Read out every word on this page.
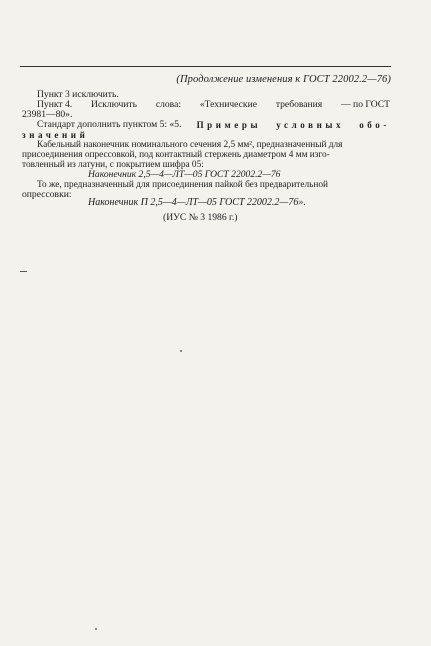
(Продолжение изменения к ГОСТ 22002.2—76)
Пункт 3 исключить.
Пункт 4. Исключить слова: «Технические требования — по ГОСТ
23981—80».
Стандарт дополнить пунктом 5: «5. Примеры условных обо-
значений
Кабельный наконечник номинального сечения 2,5 мм², предназначенный для
присоединения опрессовкой, под контактный стержень диаметром 4 мм изго-
товленный из латуни, с покрытием шифра 05:
Наконечник 2,5—4—ЛТ—05 ГОСТ 22002.2—76
То же, предназначенный для присоединения пайкой без предварительной
опрессовки:
Наконечник П 2,5—4—ЛТ—05 ГОСТ 22002.2—76».
(ИУС № 3 1986 г.)
